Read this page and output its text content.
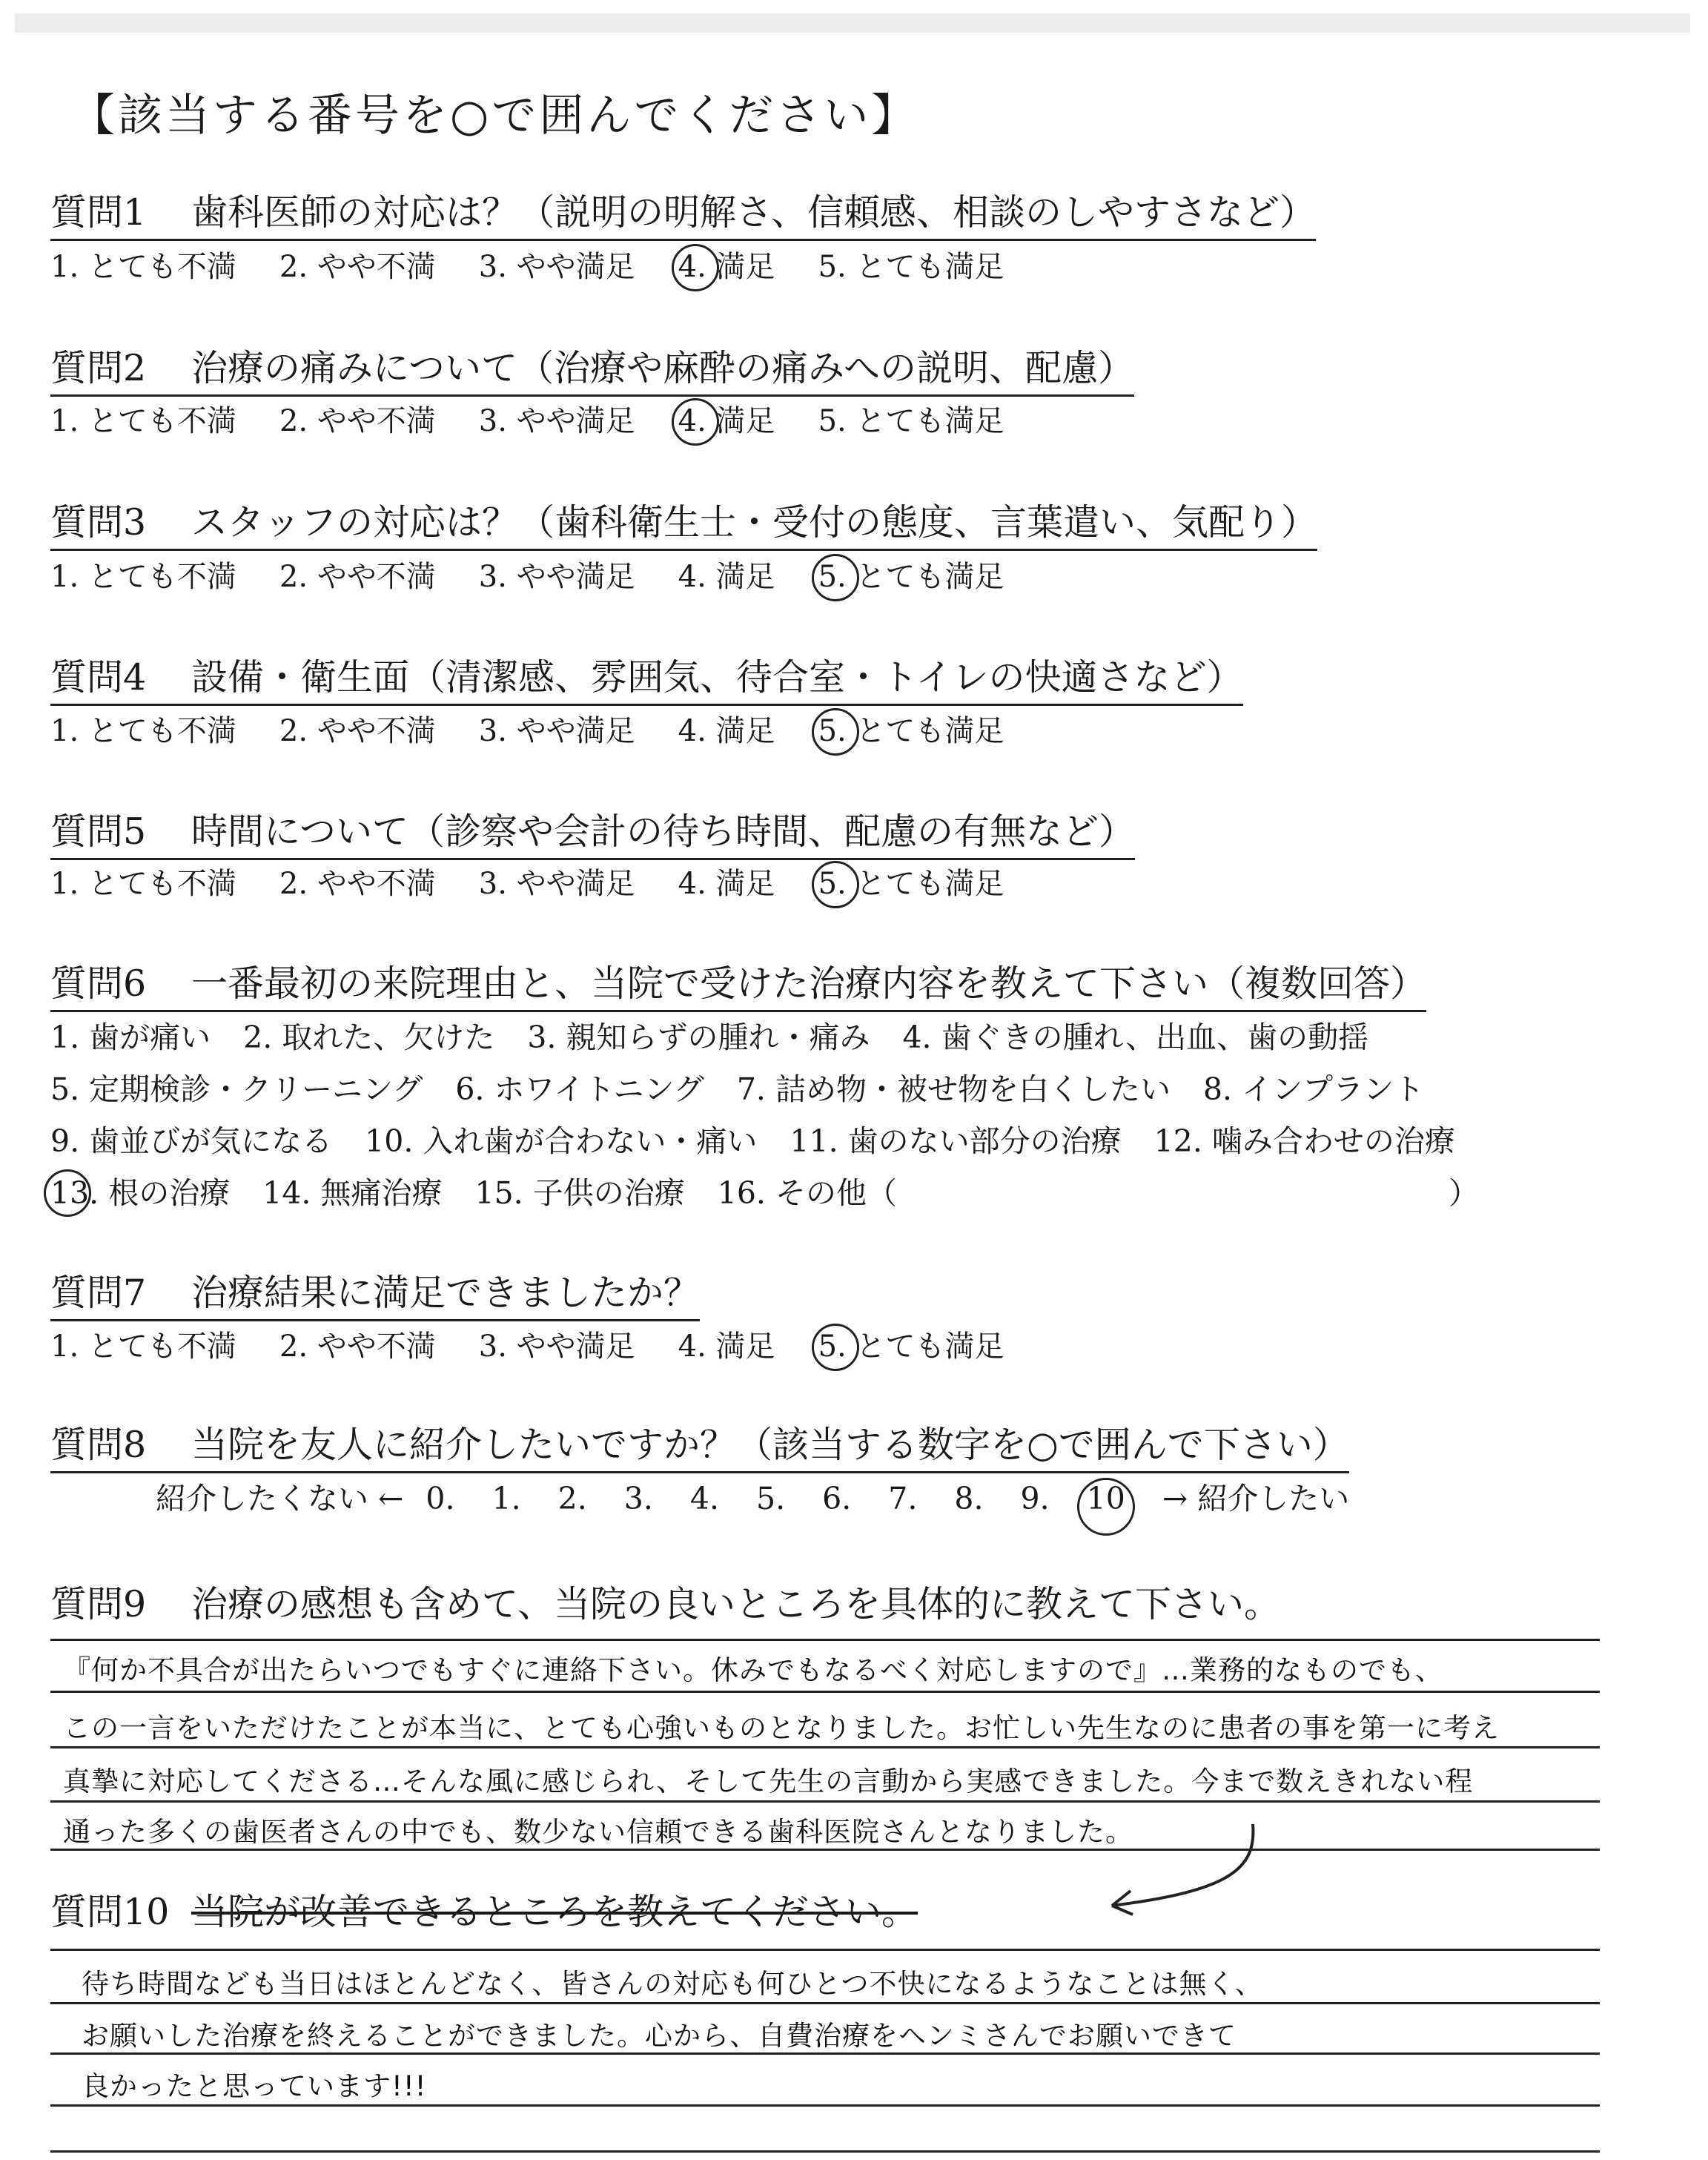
【該当する番号を○で囲んでください】
質問1 歯科医師の対応は？（説明の明解さ、信頼感、相談のしやすさなど）
1. とても不満 2. やや不満 3. やや満足 4. 満足 5. とても満足
質問2 治療の痛みについて（治療や麻酔の痛みへの説明、配慮）
1. とても不満 2. やや不満 3. やや満足 4. 満足 5. とても満足
質問3 スタッフの対応は？（歯科衛生士・受付の態度、言葉遣い、気配り）
1. とても不満 2. やや不満 3. やや満足 4. 満足 5. とても満足
質問4 設備・衛生面（清潔感、雰囲気、待合室・トイレの快適さなど）
1. とても不満 2. やや不満 3. やや満足 4. 満足 5. とても満足
質問5 時間について（診察や会計の待ち時間、配慮の有無など）
1. とても不満 2. やや不満 3. やや満足 4. 満足 5. とても満足
質問6 一番最初の来院理由と、当院で受けた治療内容を教えて下さい（複数回答）
1. 歯が痛い 2. 取れた、欠けた 3. 親知らずの腫れ・痛み 4. 歯ぐきの腫れ、出血、歯の動揺
5. 定期検診・クリーニング 6. ホワイトニング 7. 詰め物・被せ物を白くしたい 8. インプラント
9. 歯並びが気になる 10. 入れ歯が合わない・痛い 11. 歯のない部分の治療 12. 噛み合わせの治療
13. 根の治療 14. 無痛治療 15. 子供の治療 16. その他（	）
質問7 治療結果に満足できましたか？
1. とても不満 2. やや不満 3. やや満足 4. 満足 5. とても満足
質問8 当院を友人に紹介したいですか？（該当する数字を○で囲んで下さい）
紹介したくない ← 0. 1. 2. 3. 4. 5. 6. 7. 8. 9. 10 → 紹介したい
質問9 治療の感想も含めて、当院の良いところを具体的に教えて下さい。
『何か不具合が出たらいつでもすぐに連絡下さい。休みでもなるべく対応しますので』…業務的なものでも、
この一言をいただけたことが本当に、とても心強いものとなりました。お忙しい先生なのに患者の事を第一に考え
真摯に対応してくださる…そんな風に感じられ、そして先生の言動から実感できました。今まで数えきれない程
通った多くの歯医者さんの中でも、数少ない信頼できる歯科医院さんとなりました。
質問10 当院が改善できるところを教えてください。
待ち時間なども当日はほとんどなく、皆さんの対応も何ひとつ不快になるようなことは無く、
お願いした治療を終えることができました。心から、自費治療をヘンミさんでお願いできて
良かったと思っています!!!
